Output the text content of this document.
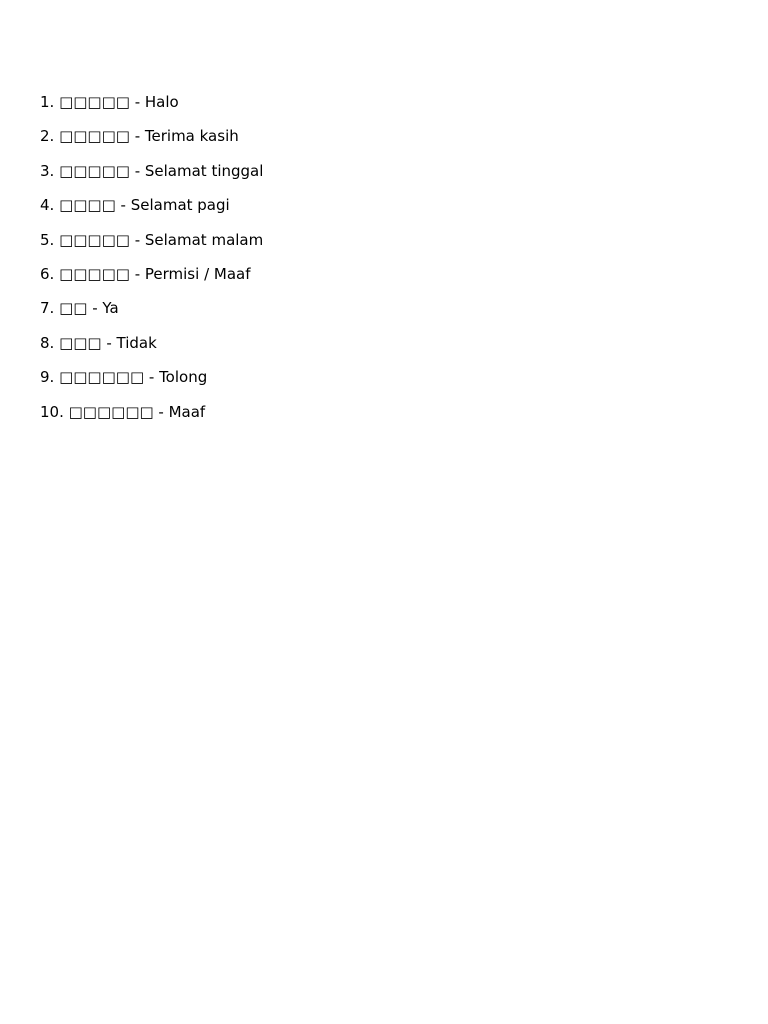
1. □□□□□ - Halo
2. □□□□□ - Terima kasih
3. □□□□□ - Selamat tinggal
4. □□□□ - Selamat pagi
5. □□□□□ - Selamat malam
6. □□□□□ - Permisi / Maaf
7. □□ - Ya
8. □□□ - Tidak
9. □□□□□□ - Tolong
10. □□□□□□ - Maaf
